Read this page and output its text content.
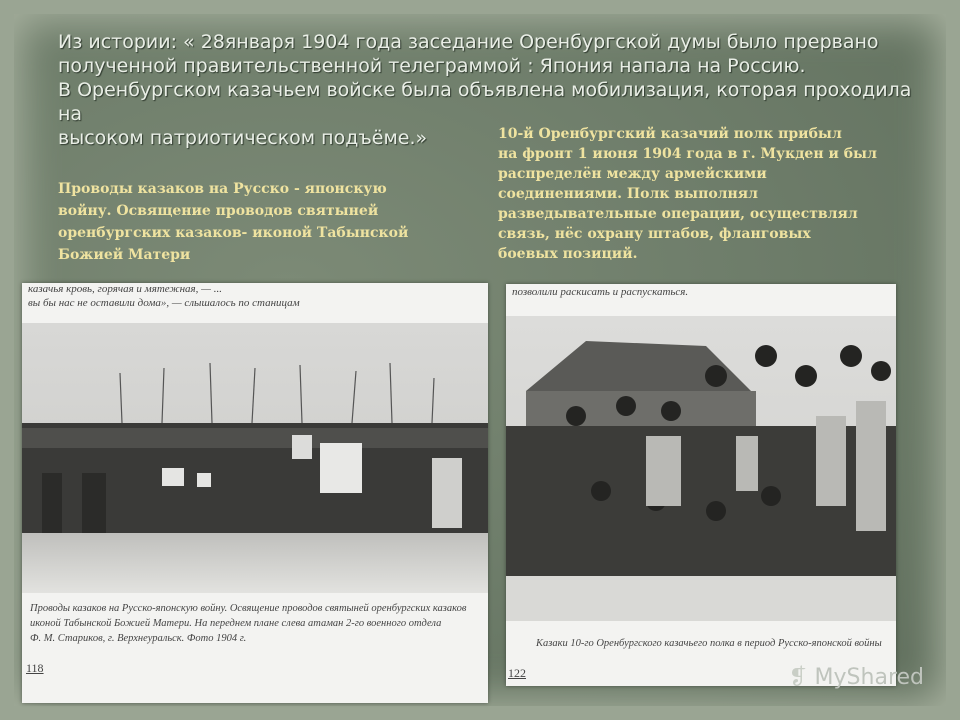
Из истории: « 28января 1904 года заседание Оренбургской думы было прервано
полученной правительственной телеграммой : Япония напала на Россию.
В Оренбургском казачьем войске была объявлена мобилизация, которая проходила на
высоком патриотическом подъёме.»
Проводы казаков на Русско - японскую
войну. Освящение проводов святыней
оренбургских казаков- иконой Табынской
Божией Матери
10-й Оренбургский казачий полк прибыл
на фронт 1 июня 1904 года в г. Мукден и был
распределён между армейскими
соединениями. Полк выполнял
разведывательные операции, осуществлял
связь, нёс охрану штабов, фланговых
боевых позиций.
казачья кровь, горячая и мятежная, — ...
вы бы нас не оставили дома», — слышалось по станицам
Проводы казаков на Русско-японскую войну. Освящение проводов святыней оренбургских казаков
иконой Табынской Божией Матери. На переднем плане слева атаман 2-го военного отдела
Ф. М. Стариков, г. Верхнеуральск. Фото 1904 г.
118
позволили раскисать и распускаться.
Казаки 10-го Оренбургского казачьего полка в период Русско-японской войны
122	❡ MyShared
